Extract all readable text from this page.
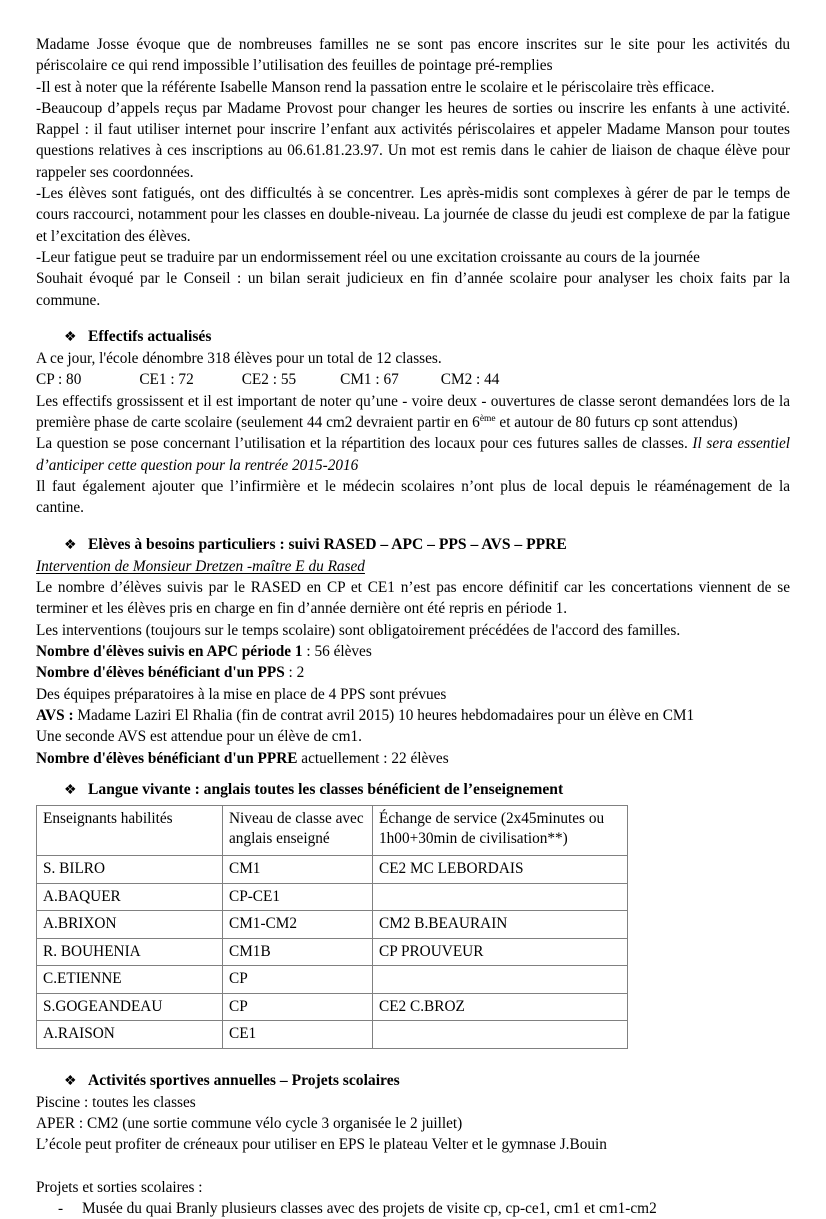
Madame Josse évoque que de nombreuses familles ne se sont pas encore inscrites sur le site pour les activités du périscolaire ce qui rend impossible l’utilisation des feuilles de pointage pré-remplies

-Il est à noter que la référente Isabelle Manson rend la passation entre le scolaire et le périscolaire très efficace.

-Beaucoup d’appels reçus par Madame Provost pour changer les heures de sorties ou inscrire les enfants à une activité. Rappel : il faut utiliser internet pour inscrire l’enfant aux activités périscolaires et appeler Madame Manson pour toutes questions relatives à ces inscriptions au 06.61.81.23.97. Un mot est remis dans le cahier de liaison de chaque élève pour rappeler ses coordonnées.

-Les élèves sont fatigués, ont des difficultés à se concentrer. Les après-midis sont complexes à gérer de par le temps de cours raccourci, notamment pour les classes en double-niveau. La journée de classe du jeudi est complexe de par la fatigue et l’excitation des élèves.

-Leur fatigue peut se traduire par un endormissement réel ou une excitation croissante au cours de la journée

Souhait évoqué par le Conseil : un bilan serait judicieux en fin d’année scolaire pour analyser les choix faits par la commune.

❖ Effectifs actualisés

A ce jour, l'école dénombre 318 élèves pour un total de 12 classes.

CP : 80	CE1 : 72	CE2 : 55	CM1 : 67	CM2 : 44

Les effectifs grossissent et il est important de noter qu’une - voire deux - ouvertures de classe seront demandées lors de la première phase de carte scolaire (seulement 44 cm2 devraient partir en 6ème et autour de 80 futurs cp sont attendus)

La question se pose concernant l’utilisation et la répartition des locaux pour ces futures salles de classes. Il sera essentiel d’anticiper cette question pour la rentrée 2015-2016

Il faut également ajouter que l’infirmière et le médecin scolaires n’ont plus de local depuis le réaménagement de la cantine.

❖ Elèves à besoins particuliers : suivi RASED – APC – PPS – AVS – PPRE

Intervention de Monsieur Dretzen -maître E du Rased

Le nombre d’élèves suivis par le RASED en CP et CE1 n’est pas encore définitif car les concertations viennent de se terminer et les élèves pris en charge en fin d’année dernière ont été repris en période 1.

Les interventions (toujours sur le temps scolaire) sont obligatoirement précédées de l'accord des familles.

Nombre d'élèves suivis en APC période 1 : 56 élèves

Nombre d'élèves bénéficiant d'un PPS : 2

Des équipes préparatoires à la mise en place de 4 PPS sont prévues

AVS : Madame Laziri El Rhalia (fin de contrat avril 2015) 10 heures hebdomadaires pour un élève en CM1

Une seconde AVS est attendue pour un élève de cm1.

Nombre d'élèves bénéficiant d'un PPRE actuellement : 22 élèves

❖ Langue vivante : anglais toutes les classes bénéficient de l’enseignement

Enseignants habilités	Niveau de classe avec anglais enseigné	Échange de service (2x45minutes ou 1h00+30min de civilisation**)
S. BILRO	CM1	CE2 MC LEBORDAIS
A.BAQUER	CP-CE1	
A.BRIXON	CM1-CM2	CM2 B.BEAURAIN
R. BOUHENIA	CM1B	CP PROUVEUR
C.ETIENNE	CP	
S.GOGEANDEAU	CP	CE2 C.BROZ
A.RAISON	CE1	

❖ Activités sportives annuelles – Projets scolaires

Piscine : toutes les classes

APER : CM2 (une sortie commune vélo cycle 3 organisée le 2 juillet)

L’école peut profiter de créneaux pour utiliser en EPS le plateau Velter et le gymnase J.Bouin

Projets et sorties scolaires :

- Musée du quai Branly plusieurs classes avec des projets de visite cp, cp-ce1, cm1 et cm1-cm2
